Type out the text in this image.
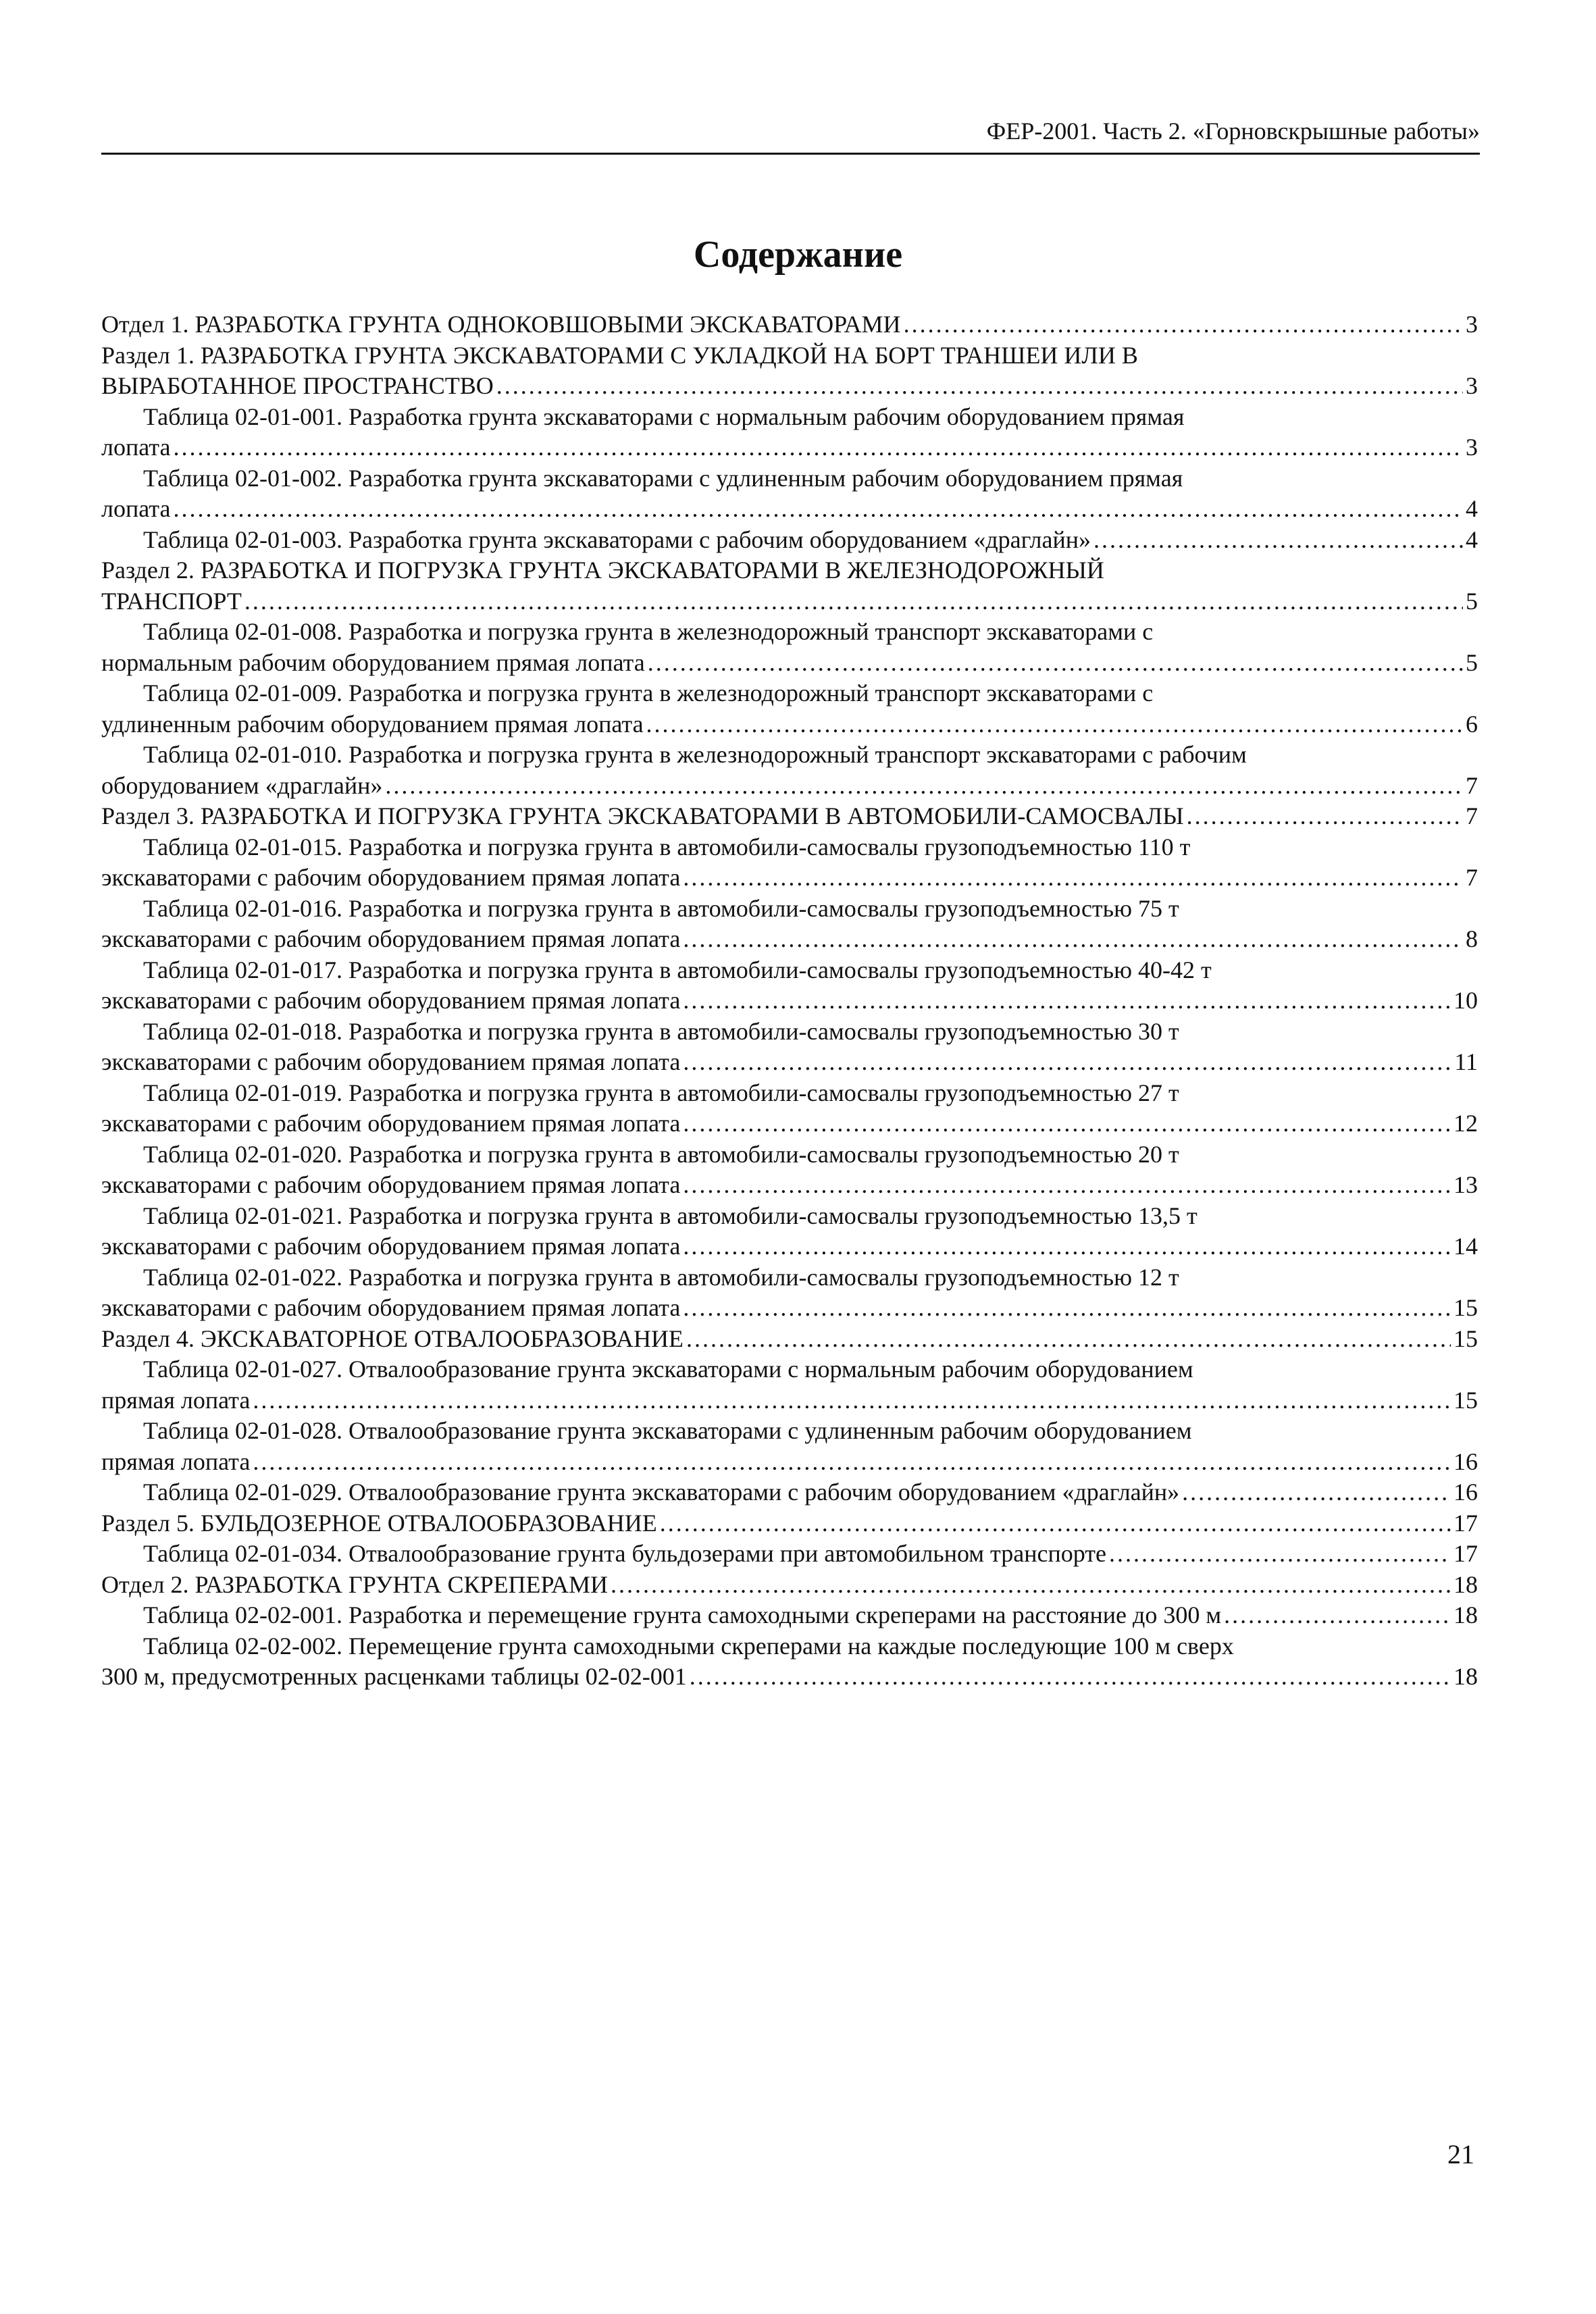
ФЕР-2001. Часть 2. «Горновскрышные работы»
Содержание
Отдел 1. РАЗРАБОТКА ГРУНТА ОДНОКОВШОВЫМИ ЭКСКАВАТОРАМИ .....	3
Раздел 1. РАЗРАБОТКА ГРУНТА ЭКСКАВАТОРАМИ С УКЛАДКОЙ НА БОРТ ТРАНШЕИ ИЛИ В
ВЫРАБОТАННОЕ ПРОСТРАНСТВО .....	3
Таблица 02-01-001. Разработка грунта экскаваторами с нормальным рабочим оборудованием прямая
лопата .....	3
Таблица 02-01-002. Разработка грунта экскаваторами с удлиненным рабочим оборудованием прямая
лопата .....	4
Таблица 02-01-003. Разработка грунта экскаваторами с рабочим оборудованием «драглайн» .....	4
Раздел 2. РАЗРАБОТКА И ПОГРУЗКА ГРУНТА ЭКСКАВАТОРАМИ В ЖЕЛЕЗНОДОРОЖНЫЙ
ТРАНСПОРТ .....	5
Таблица 02-01-008. Разработка и погрузка грунта в железнодорожный транспорт экскаваторами с
нормальным рабочим оборудованием прямая лопата .....	5
Таблица 02-01-009. Разработка и погрузка грунта в железнодорожный транспорт экскаваторами с
удлиненным рабочим оборудованием прямая лопата .....	6
Таблица 02-01-010. Разработка и погрузка грунта в железнодорожный транспорт экскаваторами с рабочим
оборудованием «драглайн» .....	7
Раздел 3. РАЗРАБОТКА И ПОГРУЗКА ГРУНТА ЭКСКАВАТОРАМИ В АВТОМОБИЛИ-САМОСВАЛЫ .....	7
Таблица 02-01-015. Разработка и погрузка грунта в автомобили-самосвалы грузоподъемностью 110 т
экскаваторами с рабочим оборудованием прямая лопата .....	7
Таблица 02-01-016. Разработка и погрузка грунта в автомобили-самосвалы грузоподъемностью 75 т
экскаваторами с рабочим оборудованием прямая лопата .....	8
Таблица 02-01-017. Разработка и погрузка грунта в автомобили-самосвалы грузоподъемностью 40-42 т
экскаваторами с рабочим оборудованием прямая лопата .....	10
Таблица 02-01-018. Разработка и погрузка грунта в автомобили-самосвалы грузоподъемностью 30 т
экскаваторами с рабочим оборудованием прямая лопата .....	11
Таблица 02-01-019. Разработка и погрузка грунта в автомобили-самосвалы грузоподъемностью 27 т
экскаваторами с рабочим оборудованием прямая лопата .....	12
Таблица 02-01-020. Разработка и погрузка грунта в автомобили-самосвалы грузоподъемностью 20 т
экскаваторами с рабочим оборудованием прямая лопата .....	13
Таблица 02-01-021. Разработка и погрузка грунта в автомобили-самосвалы грузоподъемностью 13,5 т
экскаваторами с рабочим оборудованием прямая лопата .....	14
Таблица 02-01-022. Разработка и погрузка грунта в автомобили-самосвалы грузоподъемностью 12 т
экскаваторами с рабочим оборудованием прямая лопата .....	15
Раздел 4. ЭКСКАВАТОРНОЕ ОТВАЛООБРАЗОВАНИЕ .....	15
Таблица 02-01-027. Отвалообразование грунта экскаваторами с нормальным рабочим оборудованием
прямая лопата .....	15
Таблица 02-01-028. Отвалообразование грунта экскаваторами с удлиненным рабочим оборудованием
прямая лопата .....	16
Таблица 02-01-029. Отвалообразование грунта экскаваторами с рабочим оборудованием «драглайн» .....	16
Раздел 5. БУЛЬДОЗЕРНОЕ ОТВАЛООБРАЗОВАНИЕ .....	17
Таблица 02-01-034. Отвалообразование грунта бульдозерами при автомобильном транспорте .....	17
Отдел 2. РАЗРАБОТКА ГРУНТА СКРЕПЕРАМИ .....	18
Таблица 02-02-001. Разработка и перемещение грунта самоходными скреперами на расстояние до 300 м .....	18
Таблица 02-02-002. Перемещение грунта самоходными скреперами на каждые последующие 100 м сверх
300 м, предусмотренных расценками таблицы 02-02-001 .....	18
21
